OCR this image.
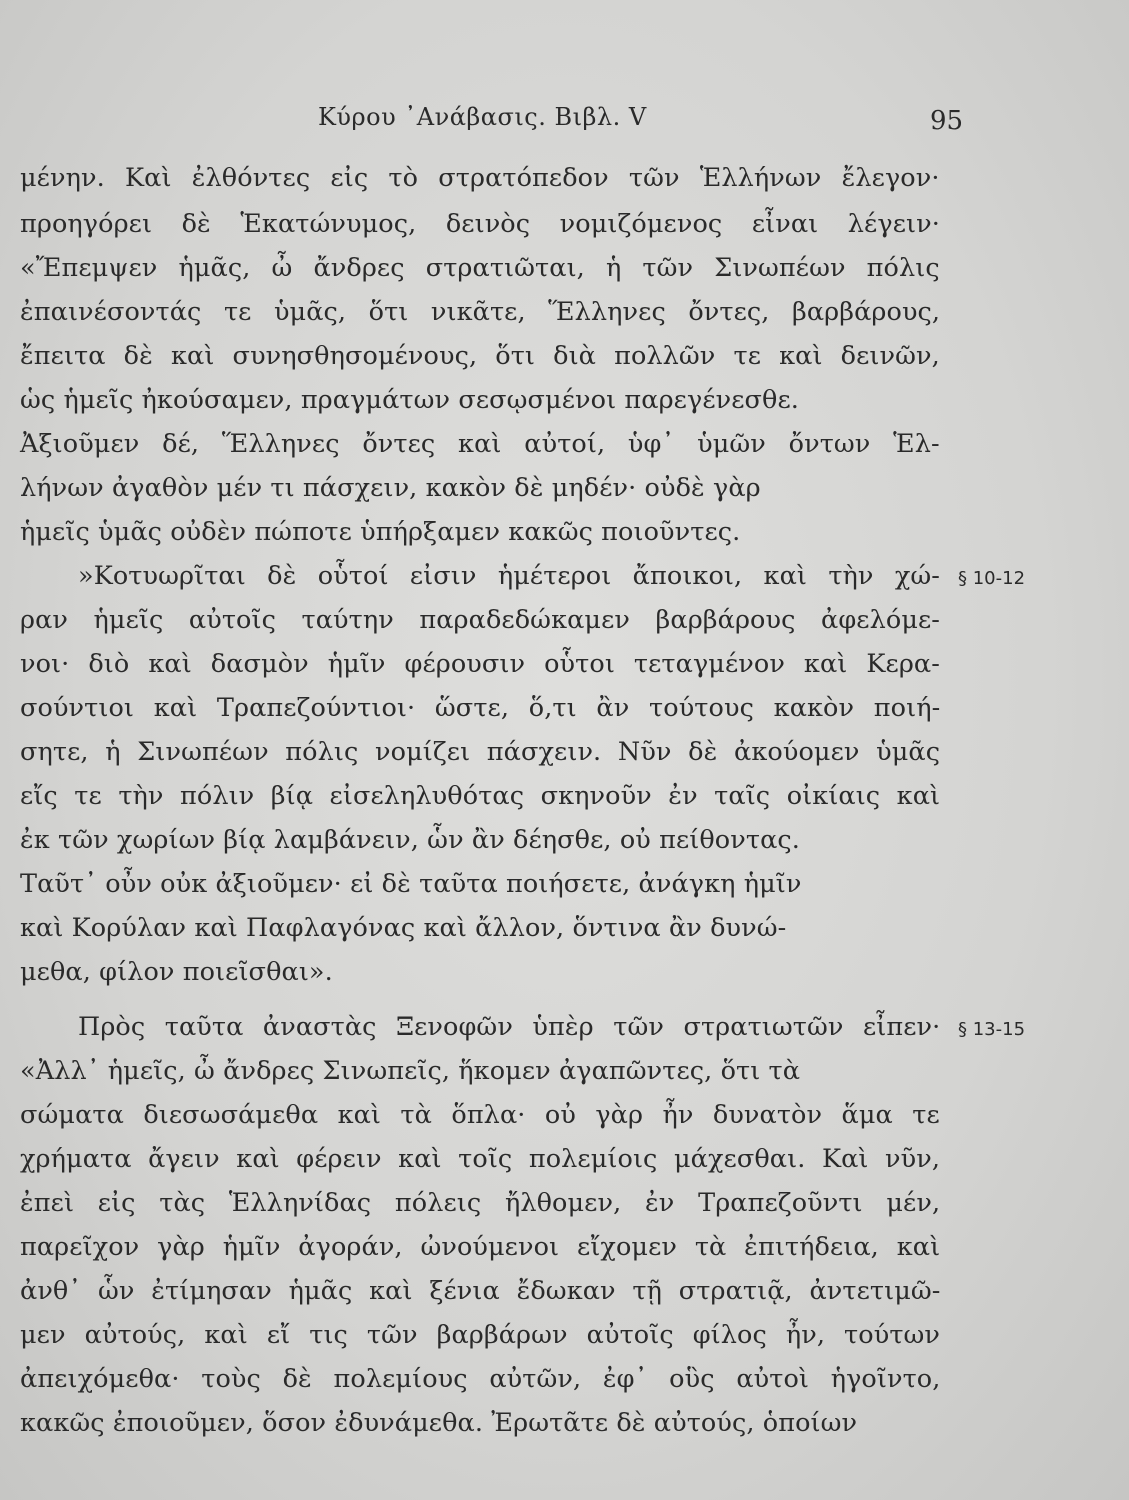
Κύρου ᾿Ανάβασις. Βιβλ. V	95
μένην. Καὶ ἐλθόντες εἰς τὸ στρατόπεδον τῶν Ἑλλήνων ἔλεγον·
προηγόρει δὲ Ἑκατώνυμος, δεινὸς νομιζόμενος εἶναι λέγειν·
«Ἔπεμψεν ἡμᾶς, ὦ ἄνδρες στρατιῶται, ἡ τῶν Σινωπέων πόλις
ἐπαινέσοντάς τε ὑμᾶς, ὅτι νικᾶτε, Ἕλληνες ὄντες, βαρβάρους,
ἔπειτα δὲ καὶ συνησθησομένους, ὅτι διὰ πολλῶν τε καὶ δεινῶν,
ὡς ἡμεῖς ἠκούσαμεν, πραγμάτων σεσῳσμένοι παρεγένεσθε.
Ἀξιοῦμεν δέ, Ἕλληνες ὄντες καὶ αὐτοί, ὑφ᾿ ὑμῶν ὄντων Ἑλ-
λήνων ἀγαθὸν μέν τι πάσχειν, κακὸν δὲ μηδέν· οὐδὲ γὰρ
ἡμεῖς ὑμᾶς οὐδὲν πώποτε ὑπήρξαμεν κακῶς ποιοῦντες.
»Κοτυωρῖται δὲ οὗτοί εἰσιν ἡμέτεροι ἄποικοι, καὶ τὴν χώ-
ραν ἡμεῖς αὐτοῖς ταύτην παραδεδώκαμεν βαρβάρους ἀφελόμε-
νοι· διὸ καὶ δασμὸν ἡμῖν φέρουσιν οὗτοι τεταγμένον καὶ Κερα-
σούντιοι καὶ Τραπεζούντιοι· ὥστε, ὅ,τι ἂν τούτους κακὸν ποιή-
σητε, ἡ Σινωπέων πόλις νομίζει πάσχειν. Νῦν δὲ ἀκούομεν ὑμᾶς
εἴς τε τὴν πόλιν βίᾳ εἰσεληλυθότας σκηνοῦν ἐν ταῖς οἰκίαις καὶ
ἐκ τῶν χωρίων βίᾳ λαμβάνειν, ὧν ἂν δέησθε, οὐ πείθοντας.
Ταῦτ᾿ οὖν οὐκ ἀξιοῦμεν· εἰ δὲ ταῦτα ποιήσετε, ἀνάγκη ἡμῖν
καὶ Κορύλαν καὶ Παφλαγόνας καὶ ἄλλον, ὅντινα ἂν δυνώ-
μεθα, φίλον ποιεῖσθαι».
Πρὸς ταῦτα ἀναστὰς Ξενοφῶν ὑπὲρ τῶν στρατιωτῶν εἶπεν·
«Ἀλλ᾿ ἡμεῖς, ὦ ἄνδρες Σινωπεῖς, ἥκομεν ἀγαπῶντες, ὅτι τὰ
σώματα διεσωσάμεθα καὶ τὰ ὅπλα· οὐ γὰρ ἦν δυνατὸν ἅμα τε
χρήματα ἄγειν καὶ φέρειν καὶ τοῖς πολεμίοις μάχεσθαι. Καὶ νῦν,
ἐπεὶ εἰς τὰς Ἑλληνίδας πόλεις ἤλθομεν, ἐν Τραπεζοῦντι μέν,
παρεῖχον γὰρ ἡμῖν ἀγοράν, ὠνούμενοι εἴχομεν τὰ ἐπιτήδεια, καὶ
ἀνθ᾿ ὧν ἐτίμησαν ἡμᾶς καὶ ξένια ἔδωκαν τῇ στρατιᾷ, ἀντετιμῶ-
μεν αὐτούς, καὶ εἴ τις τῶν βαρβάρων αὐτοῖς φίλος ἦν, τούτων
ἀπειχόμεθα· τοὺς δὲ πολεμίους αὐτῶν, ἐφ᾿ οὓς αὐτοὶ ἡγοῖντο,
κακῶς ἐποιοῦμεν, ὅσον ἐδυνάμεθα. Ἐρωτᾶτε δὲ αὐτούς, ὁποίων
§ 10-12
§ 13-15
